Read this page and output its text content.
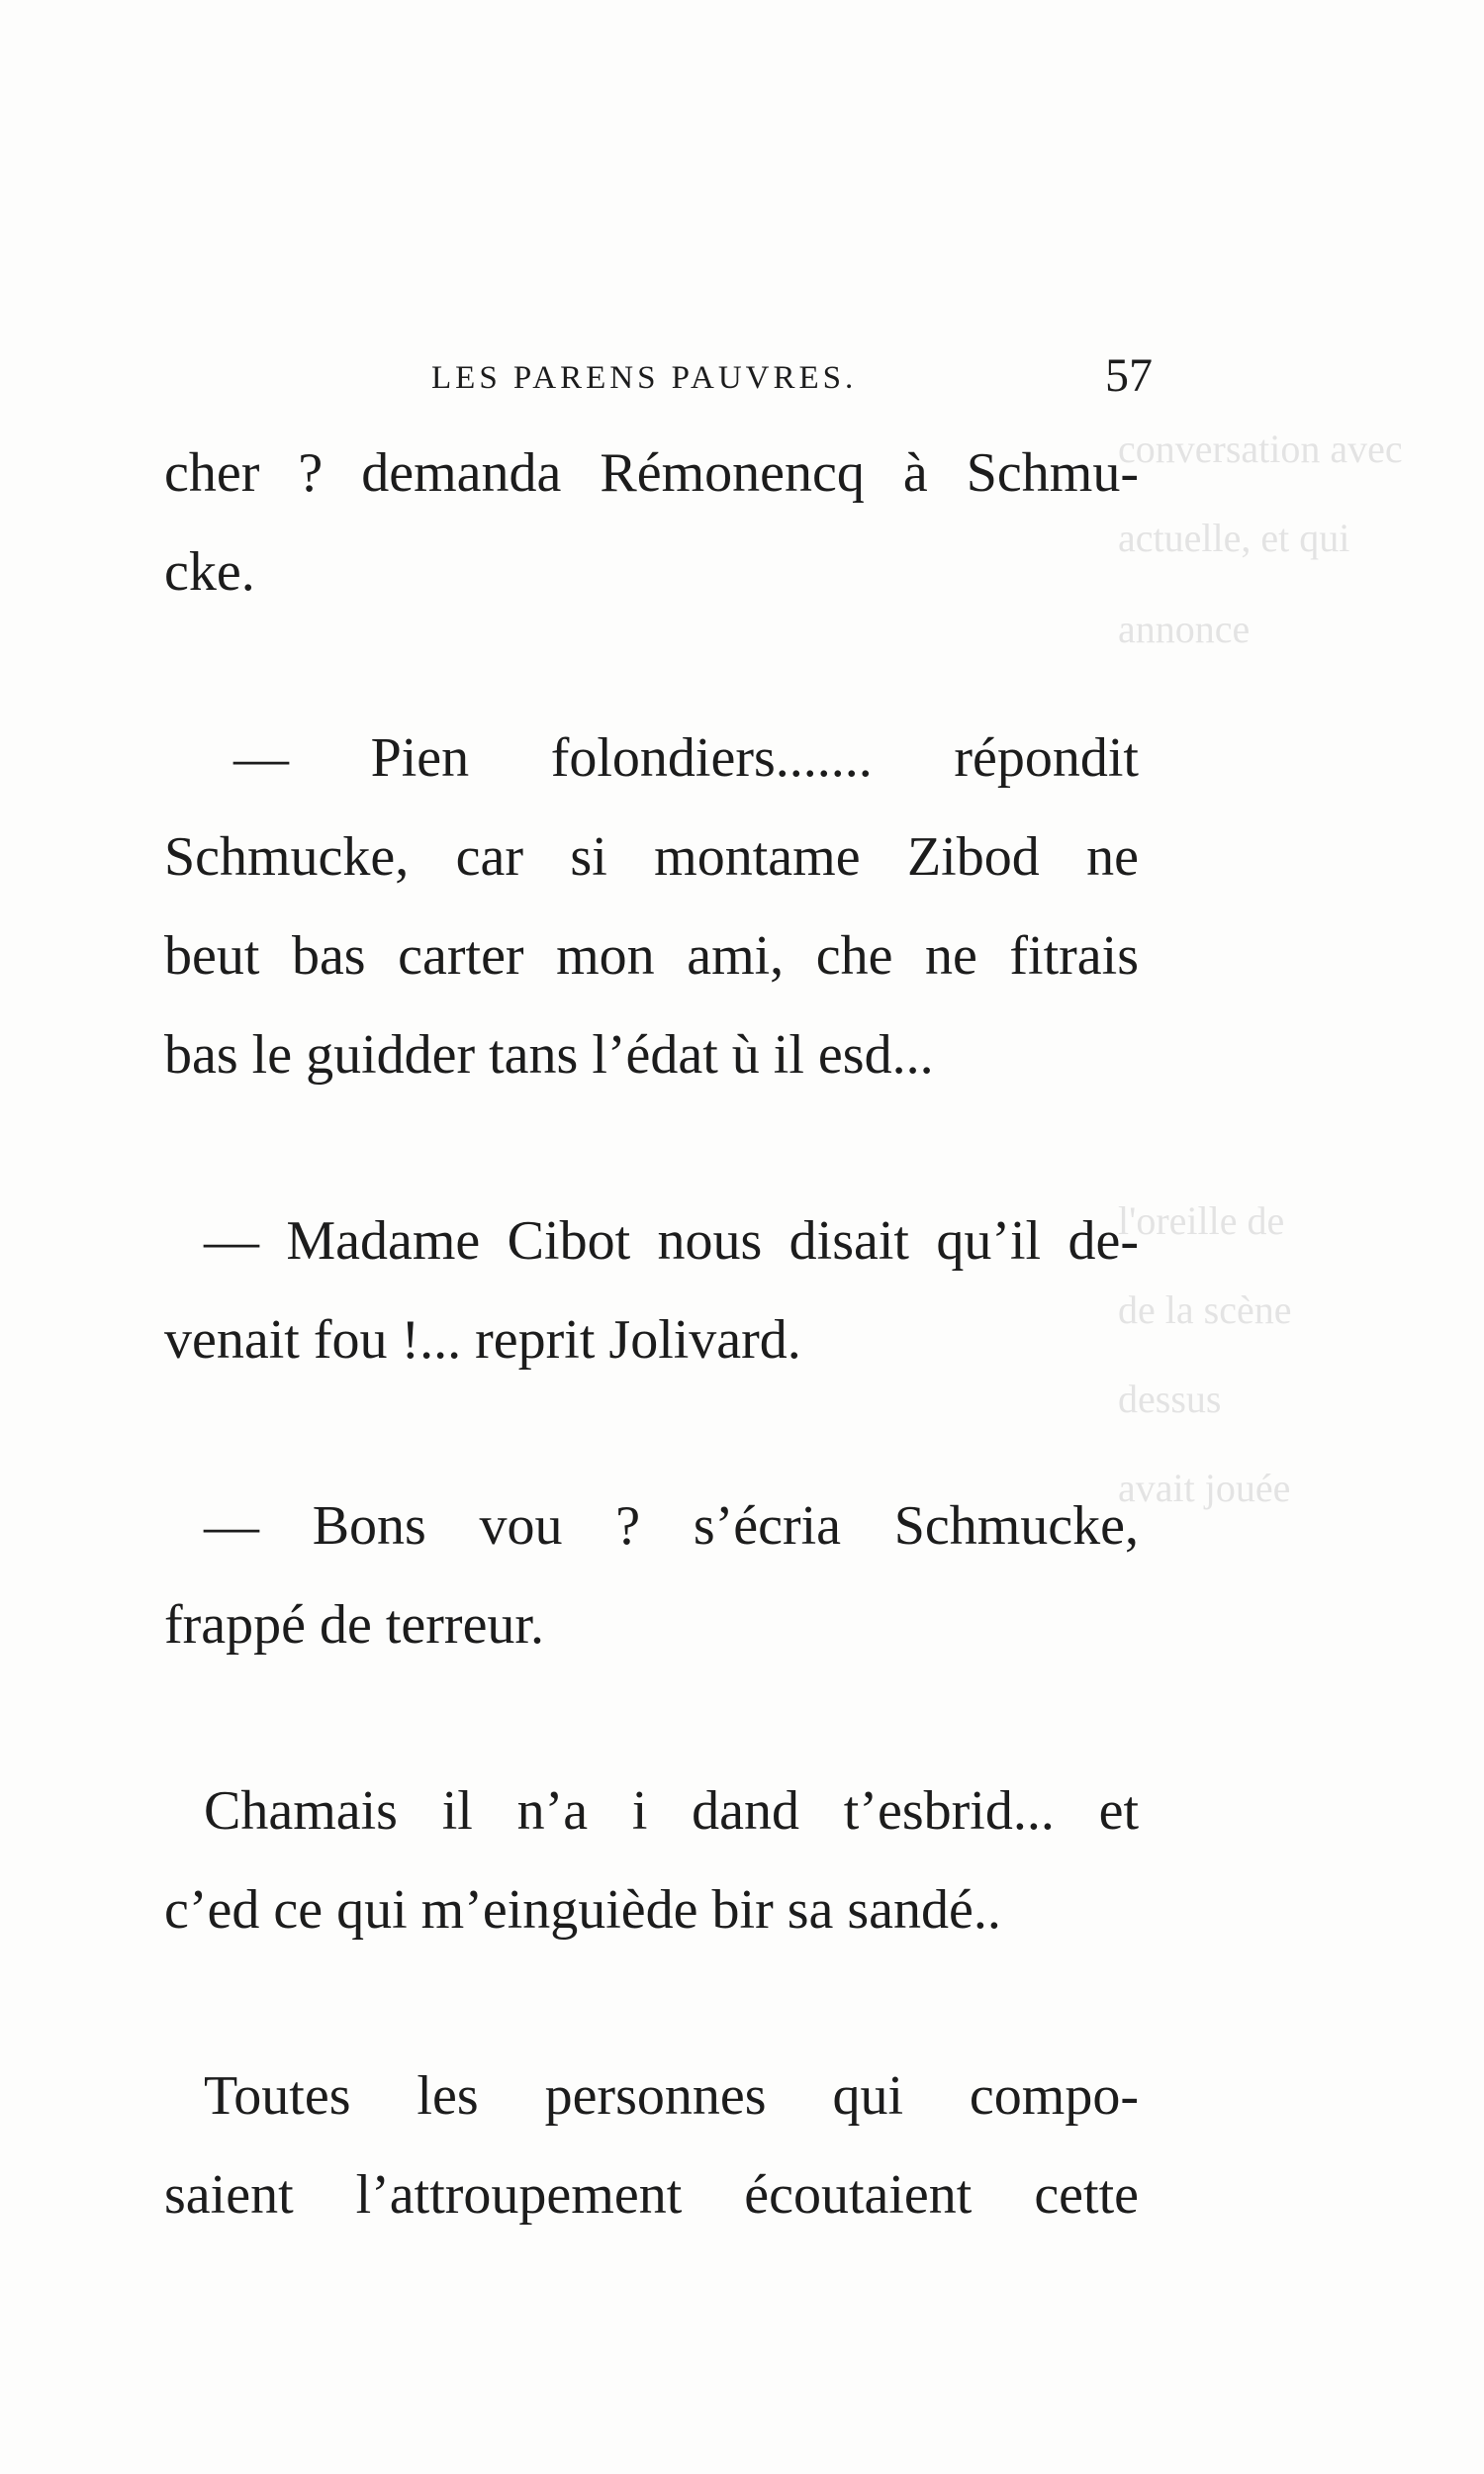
conversation avec
actuelle, et qui
annonce
l'oreille de
de la scène
dessus
avait jouée
LES PARENS PAUVRES.	57

cher ? demanda Rémonencq à Schmu-
cke.

— Pien folondiers....... répondit
Schmucke, car si montame Zibod ne
beut bas carter mon ami, che ne fitrais
bas le guidder tans l’édat ù il esd...

— Madame Cibot nous disait qu’il de-
venait fou !... reprit Jolivard.

— Bons vou ? s’écria Schmucke,
frappé de terreur.

Chamais il n’a i dand t’esbrid... et
c’ed ce qui m’einguiède bir sa sandé..

Toutes les personnes qui compo-
saient l’attroupement écoutaient cette
